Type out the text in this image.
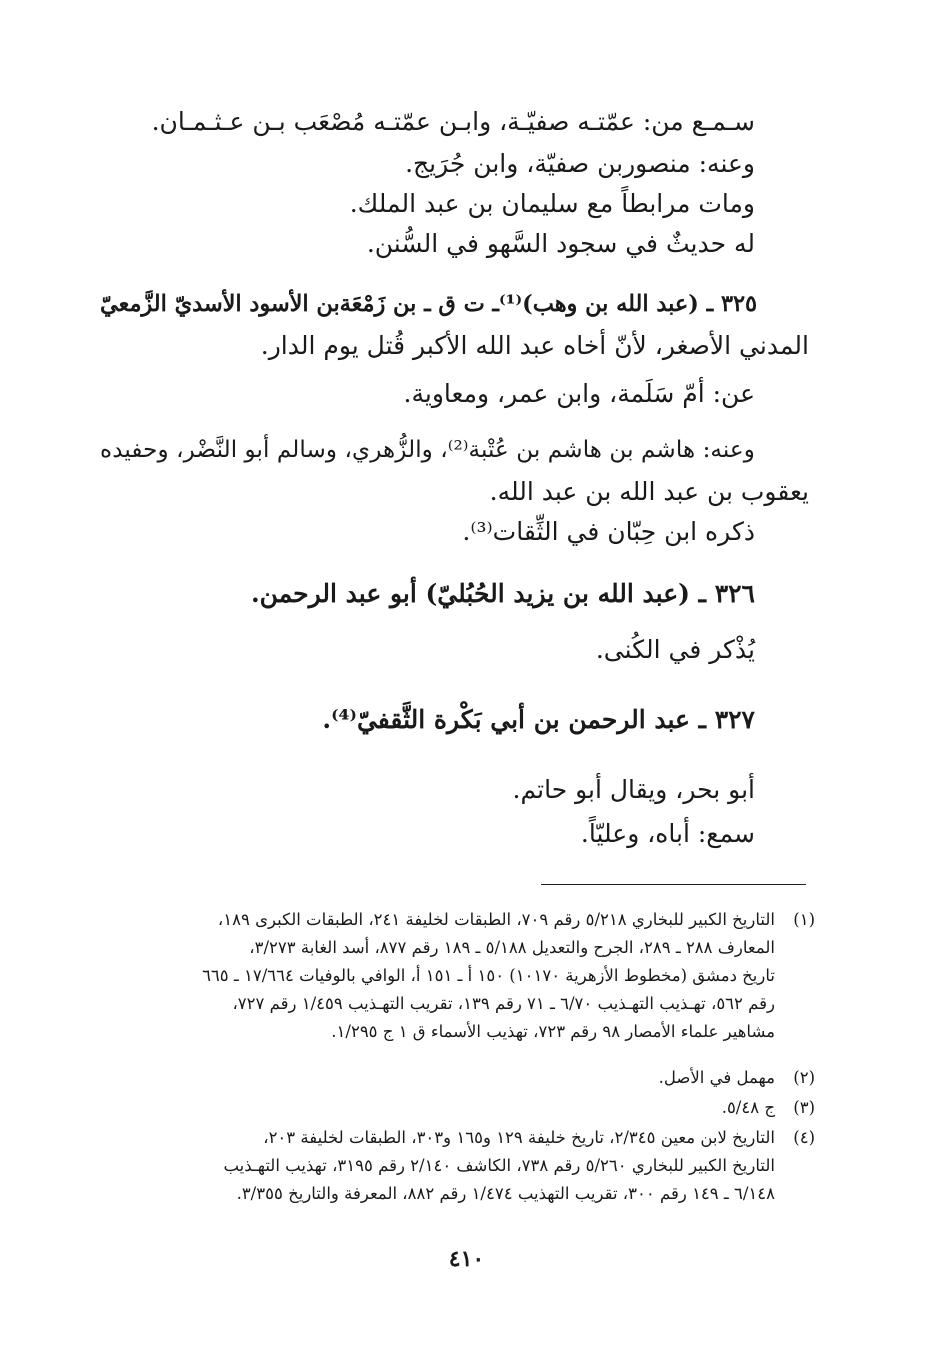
سـمـع من: عمّتـه صفيّـة، وابـن عمّتـه مُصْعَب بـن عـثـمـان.
وعنه: منصوربن صفيّة، وابن جُرَيج.
ومات مرابطاً مع سليمان بن عبد الملك.
له حديثٌ في سجود السَّهو في السُّنن.
٣٢٥ ـ (عبد الله بن وهب)⁽¹⁾ـ ت ق ـ بن زَمْعَةبن الأسود الأسديّ الزَّمعيّ
المدني الأصغر، لأنّ أخاه عبد الله الأكبر قُتل يوم الدار.
عن: أمّ سَلَمة، وابن عمر، ومعاوية.
وعنه: هاشم بن هاشم بن عُتْبة⁽²⁾، والزُّهري، وسالم أبو النَّضْر، وحفيده
يعقوب بن عبد الله بن عبد الله.
ذكره ابن حِبّان في الثِّقات⁽³⁾.
٣٢٦ ـ (عبد الله بن يزيد الحُبُليّ) أبو عبد الرحمن.
يُذْكر في الكُنى.
٣٢٧ ـ عبد الرحمن بن أبي بَكْرة الثَّقفيّ⁽⁴⁾.
أبو بحر، ويقال أبو حاتم.
سمع: أباه، وعليّاً.
(١)
التاريخ الكبير للبخاري ٥/٢١٨ رقم ٧٠٩، الطبقات لخليفة ٢٤١، الطبقات الكبرى ١٨٩،
المعارف ٢٨٨ ـ ٢٨٩، الجرح والتعديل ٥/١٨٨ ـ ١٨٩ رقم ٨٧٧، أسد الغابة ٣/٢٧٣،
تاريخ دمشق (مخطوط الأزهرية ١٠١٧٠) ١٥٠ أ ـ ١٥١ أ، الوافي بالوفيات ١٧/٦٦٤ ـ ٦٦٥
رقم ٥٦٢، تهـذيب التهـذيب ٦/٧٠ ـ ٧١ رقم ١٣٩، تقريب التهـذيب ١/٤٥٩ رقم ٧٢٧،
مشاهير علماء الأمصار ٩٨ رقم ٧٢٣، تهذيب الأسماء ق ١ ج ١/٢٩٥.
(٢)
مهمل في الأصل.
(٣)
ج ٥/٤٨.
(٤)
التاريخ لابن معين ٢/٣٤٥، تاريخ خليفة ١٢٩ و١٦٥ و٣٠٣، الطبقات لخليفة ٢٠٣،
التاريخ الكبير للبخاري ٥/٢٦٠ رقم ٧٣٨، الكاشف ٢/١٤٠ رقم ٣١٩٥، تهذيب التهـذيب
٦/١٤٨ ـ ١٤٩ رقم ٣٠٠، تقريب التهذيب ١/٤٧٤ رقم ٨٨٢، المعرفة والتاريخ ٣/٣٥٥.
٤١٠
